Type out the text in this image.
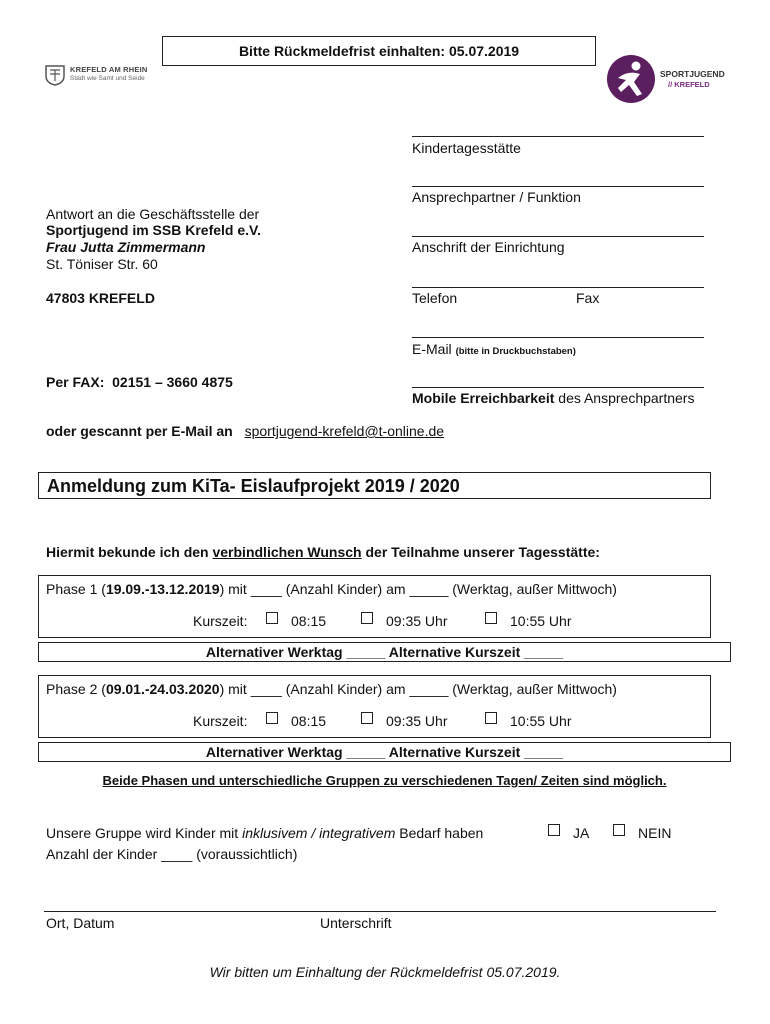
Bitte Rückmeldefrist einhalten: 05.07.2019
KREFELD AM RHEIN
Stadt wie Samt und Seide	SPORTJUGEND
// KREFELD
Kindertagesstätte
Ansprechpartner / Funktion
Anschrift der Einrichtung
Telefon	Fax
E-Mail (bitte in Druckbuchstaben)
Mobile Erreichbarkeit des Ansprechpartners
Antwort an die Geschäftsstelle der
Sportjugend im SSB Krefeld e.V.
Frau Jutta Zimmermann
St. Töniser Str. 60
47803 KREFELD
Per FAX:  02151 – 3660 4875
oder gescannt per E-Mail an sportjugend-krefeld@t-online.de
Anmeldung zum KiTa- Eislaufprojekt 2019 / 2020
Hiermit bekunde ich den verbindlichen Wunsch der Teilnahme unserer Tagesstätte:
Phase 1 (19.09.-13.12.2019) mit ____ (Anzahl Kinder) am _____ (Werktag, außer Mittwoch)
Kurszeit:	08:15	09:35 Uhr	10:55 Uhr
Alternativer Werktag _____ Alternative Kurszeit _____
Phase 2 (09.01.-24.03.2020) mit ____ (Anzahl Kinder) am _____ (Werktag, außer Mittwoch)
Kurszeit:	08:15	09:35 Uhr	10:55 Uhr
Alternativer Werktag _____ Alternative Kurszeit _____
Beide Phasen und unterschiedliche Gruppen zu verschiedenen Tagen/ Zeiten sind möglich.
Unsere Gruppe wird Kinder mit inklusivem / integrativem Bedarf haben	JA	NEIN
Anzahl der Kinder ____ (voraussichtlich)
Ort, Datum	Unterschrift
Wir bitten um Einhaltung der Rückmeldefrist 05.07.2019.
